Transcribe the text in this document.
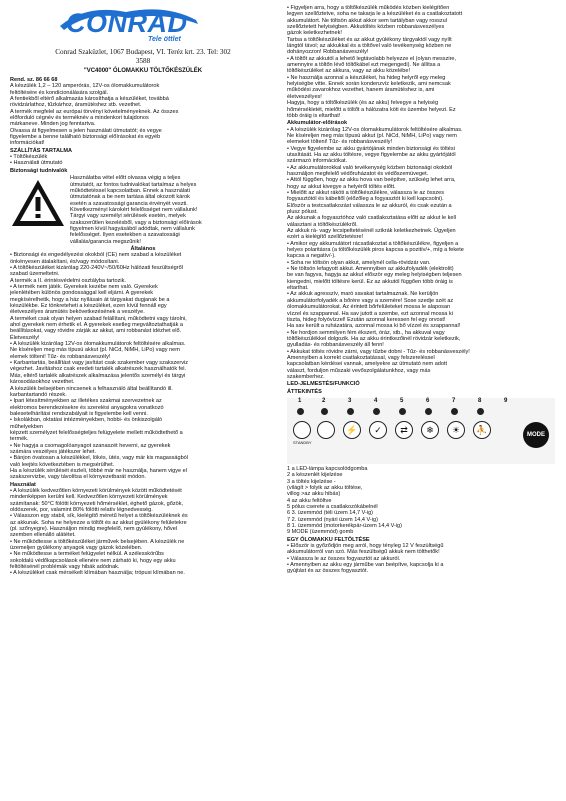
CONRAD
Tele öttlet
Conrad Szaküzlet, 1067 Budapest, VI. Teréz krt. 23. Tel: 302
3588
"VC4000" ÓLOMAKKU TÖLTŐKÉSZÜLÉK

Rend. sz. 86 66 68

A készülék 1,2 – 120 amperórás, 12V-os ólomakkumulátorok

feltöltésére és kondicionálására szolgál.

A fentiekből eltérő alkalmazás károsíthatja a készüléket, továbbá

rövidzárlathoz, tűzkárhoz, áramütéshez stb. vezethet.

A termék megfelel az európai törvényi követelményeknek. Az összes

előforduló cégnév és terméknév a mindenkori tulajdonos

márkaneve. Minden jog fenntartva.

Olvassa át figyelmesen a jelen használati útmutatót; és vegye

figyelembe a benne található biztonsági előírásokat és egyéb

információkat!

SZÁLLÍTÁS TARTALMA

• Töltőkészülék

• Használati útmutató

Biztonsági tudnivalók

Használatba vétel előtt olvassa végig a teljes

útmutatót, az fontos tudnivalókat tartalmaz a helyes

működtetéssel kapcsolatban. Ennek a használati

útmutatónak a be nem tartása által okozott károk

esetén a szavatossági garancia érvényét veszti.

Következményi károkért felelősséget nem vállalunk!

Tárgyi vagy személyi sérülések esetén, melyek

szakszerűtlen kezelésből, vagy a biztonsági előírások

figyelmen kívül hagyásából adódtak, nem vállalunk

felelősséget. Ilyen esetekben a szavatossági

vállalás/garancia megszűnik!

Általános

• Biztonsági és engedélyezési okokból (CE) nem szabad a készüléket

önkényesen átalakítani, és/vagy módosítani.

• A töltőkészüléket kizárólag 220-240V~/50/60Hz hálózati feszültségről

szabad üzemeltetni.

A termék a II. érintésvédelmi osztályba tartozik.

• A termék nem játék. Gyerekek kezébe nem való. Gyerekek

jelenlétében különös gondossággal kell eljárni. A gyerekek

megkísérelhetik, hogy a ház nyílásain át tárgyakat dugjanak be a

készülékbe. Ez tönkreteheti a készüléket, ezen kívül fennáll egy

életveszélyes áramütés bekövetkezésének a veszélye.

A terméket csak olyan helyen szabad felállítani, működtetni vagy tárolni,

ahol gyerekek nem érhetik el. A gyerekek esetleg megváltoztathatják a

beállításokat, vagy rövidre zárják az akkut, ami robbanást idézhet elő.

Életveszély!

• A készülék kizárólag 12V-os ólomakkumulátorok feltöltésére alkalmas.

Ne kíséreljen meg más típusú akkut (pl. NiCd, NiMH, LiPo) vagy nem

elemek tölteni! Tűz- és robbanásveszély!

• Karbantartás, beállítást vagy javítást csak szakember vagy szakszerviz

végezhet. Javításhoz csak eredeti tartalék alkatrészek használhatók fel.

Más, eltérő tartalék alkatrészek alkalmazása jelentős személyi és tárgyi

károsodásokhoz vezethet.

A készülék belsejében nincsenek a felhasználó által beállítandó ill.

karbantartandó részek.

• Ipari létesítményekben az illetékes szakmai szervezetnek az

elektromos berendezésekre és szerelési anyagokra vonatkozó

balesetelhárítási rendszabályait is figyelembe kell venni.

• Iskolákban, oktatási intézményekben, hobbi- és önkiszolgáló

műhelyekben

képzett személyzet felelősségteljes felügyelete mellett működtethető a

termék.

• Ne hagyja a csomagolóanyagot szanaszét heverni, az gyerekek

számára veszélyes játékszer lehet.

• Bánjon óvatosan a készülékkel, lökés, ütés, vagy már kis magasságból

való leejtés következtében is megsérülhet.

Ha a készülék sérülését észleli, többé már ne használja, hanem vigye el

szakszervizbe, vagy távolítsa el környezetbarát módon.

Használat

• A készülék kedvezőtlen környezeti körülmények között működtetését

mindenképpen kerülni kell. Kedvezőtlen környezeti körülmények

számítanak: 50°C fölötti környezeti hőmérséklet, éghető gázok, gőzök,

oldószerek, por, valamint 80% fölötti relatív légnedvesség.

• Válasszon egy stabil, sík, kielégítő méretű helyet a töltőkészüléknek és

az akkunak. Soha ne helyezze a töltőt és az akkut gyúlékony felületekre

(pl. szőnyegre). Használjon mindig megfelelő, nem gyúlékony, hővel

szemben ellenálló alátétet.

• Ne működtesse a töltőkészüléket járművek belsejében. A készülék ne

üzemeljen gyúlékony anyagok vagy gázok közelében.

• Ne működtesse a terméket felügyelet nélkül. A szélesskörűbs

sokoldalú védőkapcsolások ellenére nem zárható ki, hogy egy akku

feltöltésénél problémák vagy hibák adódnak.

• A készüléket csak mérsékelt klímában használja; trópusi klímában ne.

• Figyeljen arra, hogy a töltőkészülék működés közben kielégítően

legyen szellőztetve, soha ne takarja le a készüléket és a csatlakoztatott

akkumulátort. Ne töltsön akkut akkor sem tartályban vagy rosszul

szellőztetett helyiségben. Akkutöltés közben robbanásveszélyes

gázok keletkezhetnek!

Tartsa a töltőkészüléket és az akkut gyúlékony tárgyaktól vagy nyílt

lángtól távol; az akkukkal és a töltővel való tevékenység közben ne

dohányozzon! Robbanásveszély!

• A töltőt az akkutól a lehető legtávolabb helyezze el (olyan messzire,

amennyire a töltőn lévő töltőkábel ezt megengedi). Ne állítsa a

töltőkészüléket az akkura, vagy az akku közelébe!

• Ne használja azonnal a készüléket, ha hideg helyről egy meleg

helyiségbe vitte. Ennek során kondenzvíz keletkezik, ami nemcsak

működési zavarokhoz vezethet, hanem áramütéshez is, ami

életveszélyes!

Hagyja, hogy a töltőkészülék (és az akku) felvegye a helyiség

hőmérsékletét, mielőtt a töltőt a hálózatra köti és üzembe helyezi. Ez

több óráig is eltarthat!

Akkumulátor-előírások

• A készülék kizárólag 12V-os ólomakkumulátorok feltöltésére alkalmas.

Ne kíséreljen meg más típusú akkut (pl. NiCd, NiMH, LiPo) vagy nem

elemeket tölteni! Tűz- és robbanásveszély!

• Vegye figyelembe az akku gyártójának minden biztonsági és töltési

utasítását. Ha az akku töltésre, vegye figyelembe az akku gyártójától

származó információkat.

• Az akkumulátorokkal való tevékenység közben biztonsági okokból

használjon megfelelő védőruházatot és védőszemüveget.

• Attól függően, hogy az akku hova van beépítve, szükség lehet arra,

hogy az akkut kivegye a helyéről töltés előtt.

• Mielőtt az akkut ráköti a töltőkészülékre, válassza le az összes

fogyasztótól és kábeltől (előzőleg a fogyasztót ki kell kapcsolni).

Először a testcsatlakozást válassza le az akkuról, és csak ezután a

plusz pólust.

Az akkunak a fogyasztóhoz való csatlakoztatása előtt az akkut le kell

választani a töltőkészülékről.

Az akkuk rá- vagy lecsipeltetésénél szikrák keletkezhetnek. Ügyeljen

ezért a kielégítő szellőztetésre!

• Amikor egy akkumulátort rácsatlakoztat a töltőkészülékre, figyeljen a

helyes polaritásra (a töltőkészülék piros kapcsa a pozitív/+, míg a fekete

kapcsa a negatív/-).

• Soha ne töltsön olyan akkut, amelynél cella-rövidzár van.

• Ne töltsön lefagyott akkut. Amennyiben az akkufolyadék (elektrolit)

be van fagyva, hagyja az akkut először egy meleg helyiségben teljesen

kiengedni, mielőtt töltésre kerül. Ez az akkutól függően több óráig is

eltarthat.

• Az akkuk agresszív, maró savakat tartalmaznak. Ne kerüljön

akkumulátorfolyadék a bőrére vagy a szemére! Sose szedje szét az

ólomakkumulátorokat. Az érintett bőrfelületeket mossa le alaposan

vízzel és szappannal. Ha sav jutott a szembe, ezt azonnal mossa ki

tiszta, hideg folyóvízzel! Ezután azonnal keressen fel egy orvost!

Ha sav került a ruházatára, azonnal mossa ki bő vízzel és szappannal!

• Ne hordjon semmilyen fém ékszert, óráz, stb., ha akkuval vagy

töltőkészülékkel dolgozik. Ha az akku érintkezőinél rövidzár keletkezik,

gyulladás- és robbanásveszély áll fenn!

• Akkukat töltés rövidre zárni, vagy tűzbe dobni - Tűz- és robbanásveszély!

Amennyiben a korrekt csatlakoztatással, vagy felszereléssel

kapcsolatban kérdései vannak, amelyekre az útmutató nem adott

választ, forduljon műszaki vevőszolgálatunkhoz, vagy más

szakemberhez.

LED-JELMESTÉS/FUNKCIÓ

ÁTTEKINTÉS

MODE
1
STANDBY
2	3
⚡
4
✓
5
⇄
6
❄
7
☀
8
⛹
9

1 a LED-lámpa kapcsolódgomba

2 a készenlét kijelzése

3 a töltés kijelzése -

(világít > folyik az akku töltése,

villog >az akku hibás)

4 az akku feltöltve

5 pólus cserete a csatlakozókábelnél

6 3. üzemmód (téli üzem 14,7 V-ig)

7 2. üzemmód (nyári üzem 14,4 V-ig)

8 1. üzemmód (motorkerékpár-üzem 14,4 V-ig)

9 MODE (üzemmód) gomb

EGY ÓLOMAKKU FELTÖLTÉSE

• Először is győződjön meg arról, hogy tényleg 12 V feszültségű

akkumulátorról van szó. Más feszültségű akkuk nem tölthetők!

• Válassza le az összes fogyasztót az akkuról.

• Amennyiben az akku egy járműbe van beépítve, kapcsolja ki a

gyújtást és az összes fogyasztót.
